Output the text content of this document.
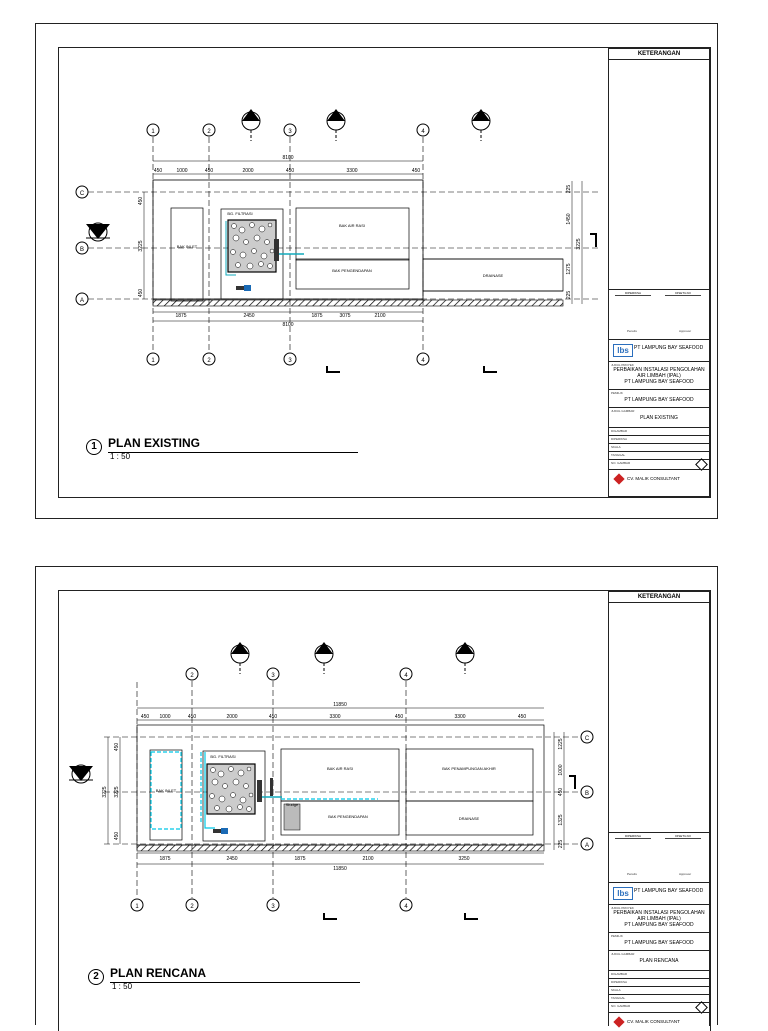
1	2	3	4
1	2	3	4
C
B
A
8100
450	1000	450	2000	450	3300	450
1875	2450	1875	3075	2100
8100
450
3225
450
225
1450
3225
1275
225
BG. FILTRASI
BAK INLET
BAK AIR RASI
BAK PENGENDAPAN
DRAINASE
1 PLAN EXISTING
1 : 50
KETERANGAN
DIPERIKSA	DISETUJUI
Penulis	Approver
lbs	PT LAMPUNG BAY SEAFOOD
JUDUL PROYEK
PERBAIKAN INSTALASI PENGOLAHAN
AIR LIMBAH (IPAL)
PT LAMPUNG BAY SEAFOOD
PEMILIK
PT LAMPUNG BAY SEAFOOD
JUDUL GAMBAR
PLAN EXISTING
DIGAMBAR
DIPERIKSA
SKALA
TANGGAL
NO. GAMBAR
CV. MALIK CONSULTANT
2	3	4
1	2	3	4
C
B
A
11850
450 1000	450	2000	450	3300	450	3300	450
1875	2450	1875	2100	3250
11850
450
3225 3225
450
1225
1000
450
1325
225
BG. FILTRASI
BAK INLET
BAK AIR RASI
Sludge
BAK PENGENDAPAN
BAK PENAMPUNGAN AKHIR
DRAINASE
2 PLAN RENCANA
1 : 50
KETERANGAN
DIPERIKSA	DISETUJUI
Penulis	Approver
lbs	PT LAMPUNG BAY SEAFOOD
JUDUL PROYEK
PERBAIKAN INSTALASI PENGOLAHAN
AIR LIMBAH (IPAL)
PT LAMPUNG BAY SEAFOOD
PEMILIK
PT LAMPUNG BAY SEAFOOD
JUDUL GAMBAR
PLAN RENCANA
DIGAMBAR
DIPERIKSA
SKALA
TANGGAL
NO. GAMBAR
CV. MALIK CONSULTANT
